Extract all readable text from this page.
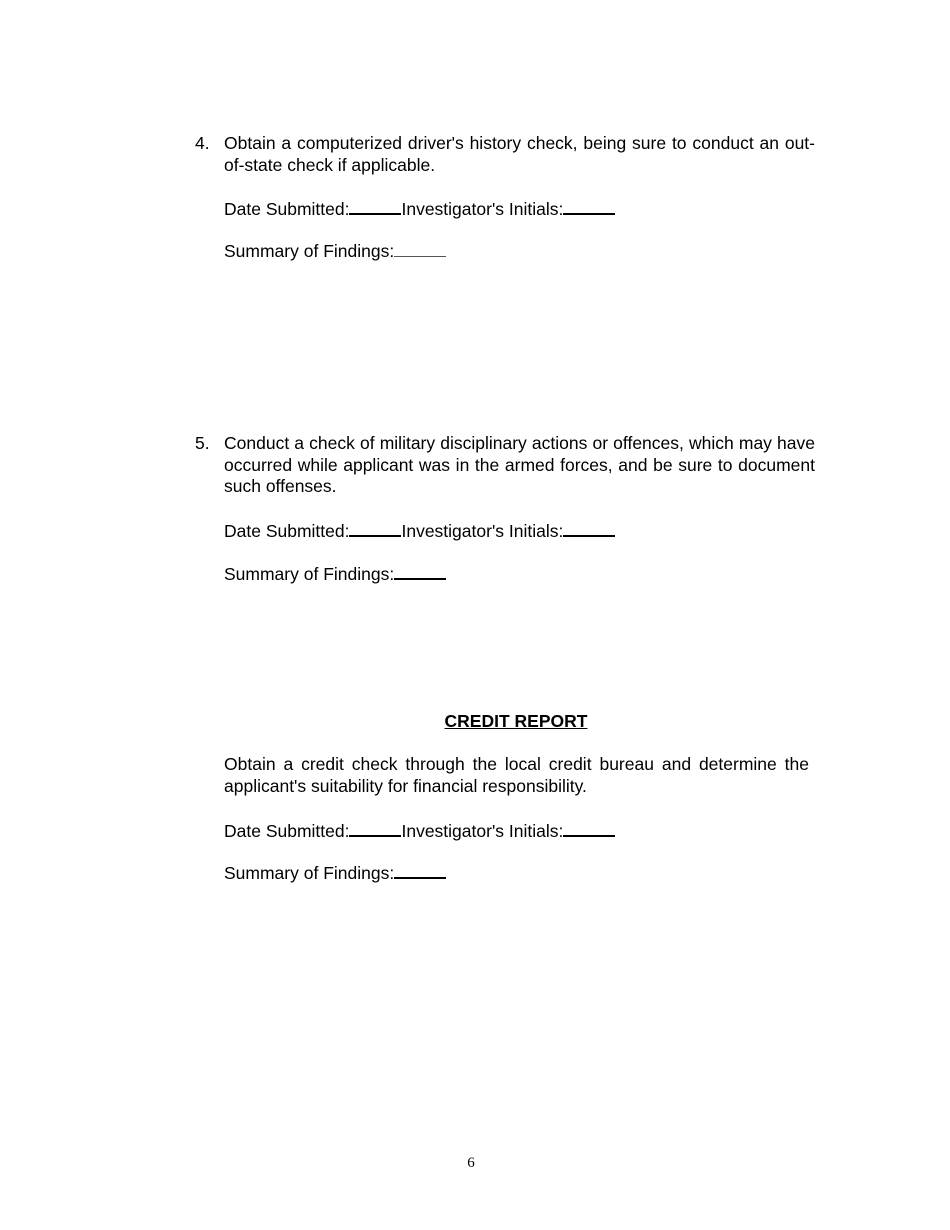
4. Obtain a computerized driver's history check, being sure to conduct an out-of-state check if applicable.
Date Submitted:	Investigator's Initials:
Summary of Findings:
5. Conduct a check of military disciplinary actions or offences, which may have occurred while applicant was in the armed forces, and be sure to document such offenses.
Date Submitted:	Investigator's Initials:
Summary of Findings:
CREDIT REPORT
Obtain a credit check through the local credit bureau and determine the applicant's suitability for financial responsibility.
Date Submitted:	Investigator's Initials:
Summary of Findings:
6
